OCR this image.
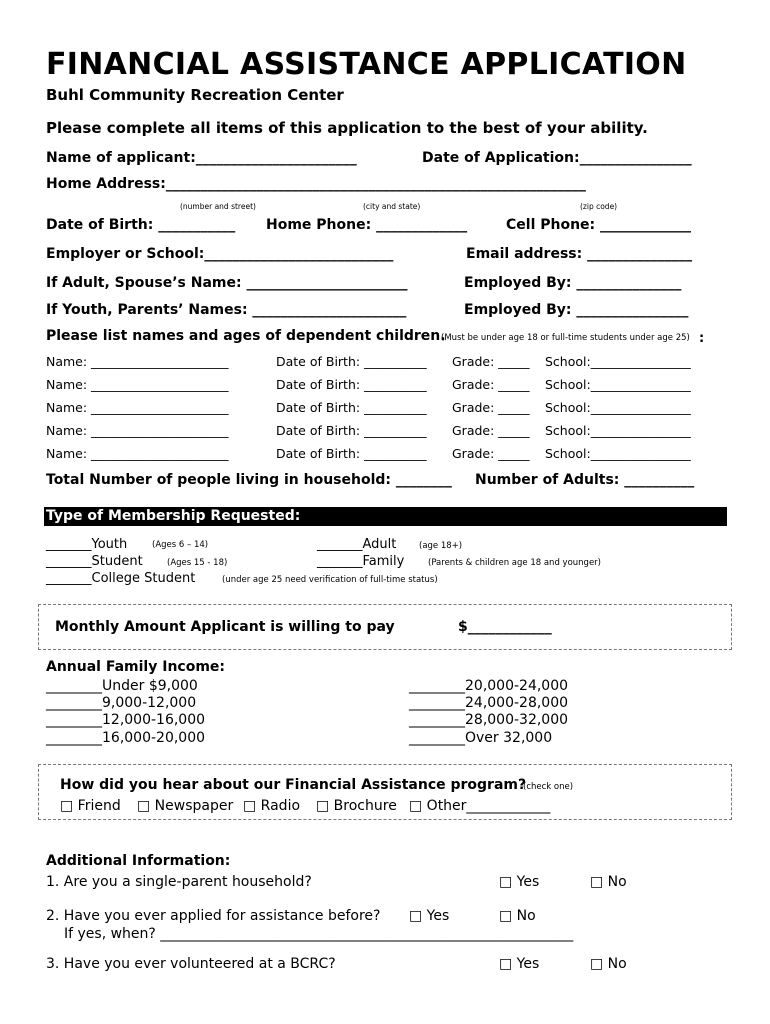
FINANCIAL ASSISTANCE APPLICATION
Buhl Community Recreation Center
Please complete all items of this application to the best of your ability.
Name of applicant:_______________________	Date of Application:________________
Home Address:____________________________________________________________
(number and street)	(city and state)	(zip code)
Date of Birth: ___________ Home Phone: _____________	Cell Phone: _____________
Employer or School:___________________________	Email address: _______________
If Adult, Spouse’s Name: _______________________	Employed By: _______________
If Youth, Parents’ Names: ______________________	Employed By: ________________
Please list names and ages of dependent children.
(Must be under age 18 or full-time students under age 25) :
Name: ______________________	Date of Birth: __________ Grade: _____ School:________________
Name: ______________________	Date of Birth: __________ Grade: _____ School:________________
Name: ______________________	Date of Birth: __________ Grade: _____ School:________________
Name: ______________________	Date of Birth: __________ Grade: _____ School:________________
Name: ______________________	Date of Birth: __________ Grade: _____ School:________________
Total Number of people living in household: ________ Number of Adults: __________
Type of Membership Requested:
_______Youth	(Ages 6 – 14)
_______Student	(Ages 15 - 18)
_______College Student	(under age 25 need verification of full-time status)
_______Adult	(age 18+)
_______Family	(Parents & children age 18 and younger)
Monthly Amount Applicant is willing to pay	$____________
Annual Family Income:
________Under $9,000
________9,000-12,000
________12,000-16,000
________16,000-20,000
________20,000-24,000
________24,000-28,000
________28,000-32,000
________Over 32,000
How did you hear about our Financial Assistance program?
(check one)
□ Friend □ Newspaper □ Radio □ Brochure □ Other____________
Additional Information:
1. Are you a single-parent household?	□ Yes	□ No
2. Have you ever applied for assistance before? □ Yes	□ No
If yes, when? ___________________________________________________________
3. Have you ever volunteered at a BCRC?	□ Yes	□ No
